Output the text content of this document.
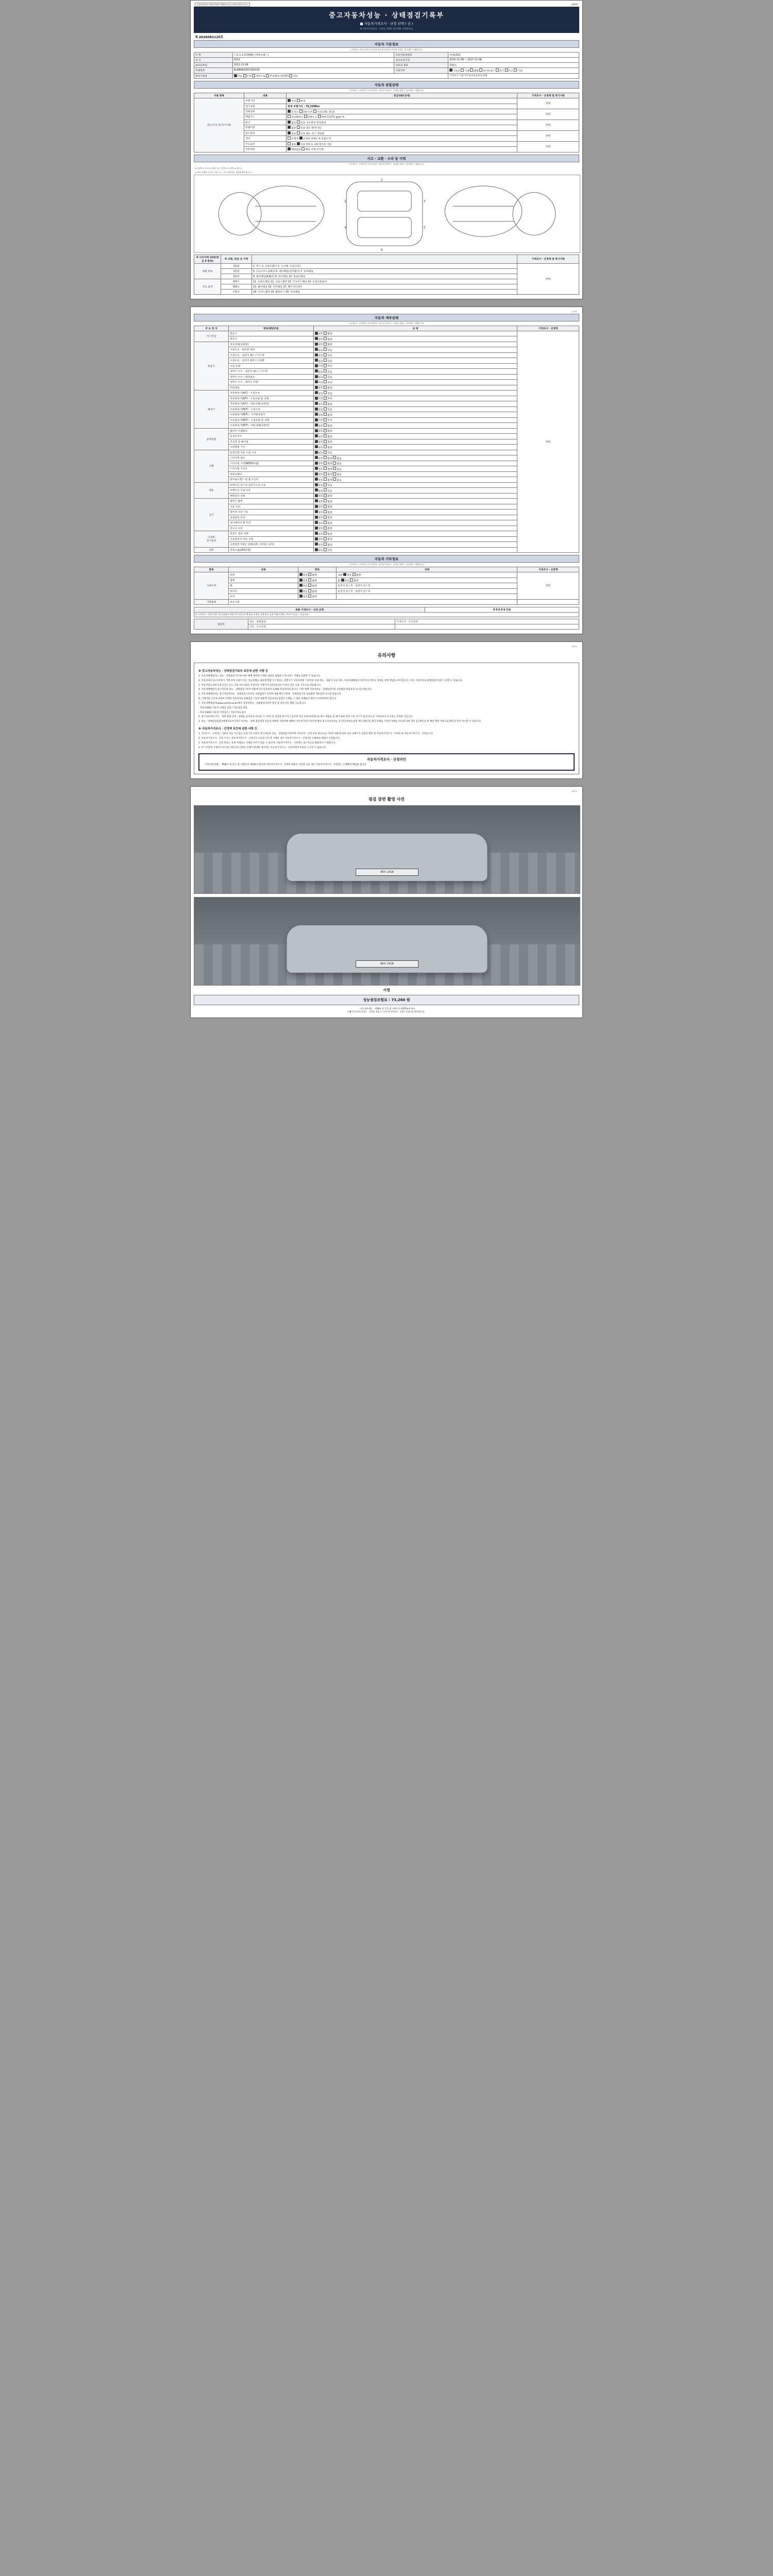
자동차관리법 시행규칙 [별지 제82호서식] <개정 2021.7.5.>	(1/4면)
중고자동차성능 · 상태점검기록부
■ 자동차가격조사 · 산정 선택 ( 선 )
※ 자동차가격조사 · 산정을 선택한 경우에만 기재합니다.
제 2026082120호
자동차 기본정보
(가격조사 기준가격은 등식단위 자동차가격조사·산정을 원하는 경우에만 기재합니다)
차 명	스파크 1.0 DOHC (세부모델 : )	자동차등록번호	터에2310
연 식	2012	검사유효기간	2025-11-08 ~ 2027-11-08
최초등록일	2011-11-09	연료의 종류	휘발유
차대번호	KLANA610CCS03105	사용연료	가솔린 디젤 LPG 하이브리드 전기 수소 기타
변속기종류	자동 수동 세미오토 무단변속기(CVT) 기타		가격조사 기준가격 0 0 0 0 0 0 만원
자동차 종합상태
(가격조사 · 산정액 및 특기사항은 자동차가격조사 · 산정을 원하는 경우에만 기재합니다)
사용 항목	내용	점검내용(상세)	가격조사 · 산정액 및 특기사항
연도/사고 및 특기사항	주행거리	정상 변경	만원
	계기상태	현재 주행거리 : 70,150Km	
	자체상태	무사고 단순수리 사고(교환, 판금)	만원
	배출가스	일산화탄소 탄화수소 매연 0.07% ppm %	
	튜닝	없음 있음 구조변경 장치변경	만원
	특별이력	없음 있음 침수 화재 전손	
	용도변경	없음 있음 렌트 리스 영업용	만원
	색상	무채색 유채색 전체도색 부분도색	
	주요옵션	없음 있음 썬루프 내비게이션 기타	만원
	리콜대상	해당없음 해당 이행 미이행	
사고 · 교환 · 수리 등 이력
(가격조사 · 산정액 및 특기사항은 자동차가격조사 · 산정을 원하는 경우에만 기재합니다)
※ (광제 X 표시) ※ (판금 또는 용접) ※ (교환) ※ (판금)
※ 하단 상태에 등록차 기준으로, 기타 차량정보 상태에 확인해 볼 수
1
6
2	3
4	5
※ 사고이력 (외판/판금 4 항목)	※ 교환, 판금 등 이력		가격조사 · 산정액 및 특기사항
외판 부위	1항판	1. 후드 2. 프론트휀더 3. 도어 4. 트렁크리드	만원
	2항판	5. (오)사이드실패널 6. 쿼터패널(리어휀더) 7. 루프패널	
	3항판	8. 필러패널(A,B,C) 9. 대시패널 10. 플로어패널	
주요 골격	A랭크	11. 프론트패널 12. 크로스멤버 13. 인사이드패널 14. 트렁크플로어	
	B랭크	15. 필러패널 16. 리어패널 17. 패키지트레이	
	C랭크	18. 사이드멤버 19. 휠하우스 20. 루프패널	
(2/4면)
자동차 세부상태
(가격조사 · 산정액 및 특기사항은 자동차가격조사 · 산정을 원하는 경우에만 기재합니다)
주 요 장 치	항목/해당부품	상 태	가격조사 · 산정액
자기진단	원동기	양호 불량	만원
	변속기	양호 불량	
원동기	작동상태(공회전)	양호 불량	
	오일누유 - 로커암 커버	없음 있음	
	오일누유 - 실린더 헤드 / 가스켓	없음 있음	
	오일누유 - 실린더 블록 / 오일팬	없음 있음	
	오일 유량	적정 부족	
	냉각수 누수 - 실린더 헤드 / 가스켓	없음 있음	
	냉각수 누수 - 워터펌프	없음 있음	
	냉각수 누수 - 냉각수 수량	적정 부족	
	커먼레일	양호 불량	
변속기	자동변속기(A/T) - 오일누유	없음 있음	
	자동변속기(A/T) - 오일유량 및 상태	적정 부족	
	자동변속기(A/T) - 작동상태(공회전)	양호 불량	
	수동변속기(M/T) - 오일누유	없음 있음	
	수동변속기(M/T) - 기어변속장치	양호 불량	
	수동변속기(M/T) - 오일유량 및 상태	적정 부족	
	수동변속기(M/T) - 작동상태(공회전)	양호 불량	
동력전달	클러치 어셈블리	양호 불량	
	등속조인트	양호 불량	
	추진축 및 베어링	양호 불량	
	디퍼렌셜 기어	양호 불량	
조향	동력조향 작동 오일 누유	없음 있음	
	스티어링 펌프	양호 불량 없음	
	스티어링 기어(MDPS포함)	양호 불량 없음	
	스티어링 조인트	양호 불량 없음	
	파워크랭크	양호 불량 없음	
	타이로드엔드 및 볼 조인트	양호 불량 없음	
제동	브레이크 마스터 실린더오일 누유	없음 있음	
	브레이크 오일 누유	없음 있음	
	배력장치 상태	양호 불량	
전기	발전기 출력	양호 불량	
	시동 모터	양호 불량	
	와이퍼 모터 기능	양호 불량	
	실내송풍 모터	양호 불량	
	라디에이터 팬 모터	양호 불량	
	윈도우 모터	양호 불량	
고전원
전기장치	충전구 절연 상태	양호 불량	
	구동축전지 격리 상태	양호 불량	
	고전원전기배선 상태(피복, 커넥터, 단자)	양호 불량	
연료	연료누출(LPG포함)	없음 있음	
자동차 기타정보
(가격조사 · 산정액 및 특기사항은 자동차가격조사 · 산정을 원하는 경우에만 기재합니다)
항목	상태	항목	상태	가격조사 · 산정액
사내구성	외장	양호 불량	내장 양호 불량	만원
	광택	양호 불량	휠 양호 불량	
	휠	양호 불량	운전석 앞 / 뒤 · 동반석 앞 / 뒤	
	타이어	양호 불량	운전석 앞 / 뒤 · 동반석 앞 / 뒤	
	유리	양호 불량		
기본품목	보유사항			
최종 가격조사 · 산정 금액	0 0 0 0 0 만원
※ 가격조사 · 산정가격은 성능/상태의 차량가격 산정기준에 따라 산정된 금액이며, 실제 거래가격과는 차이가 있을 수 있습니다.
점검자	성능 · 상태점검	가격조사 · 조사산정
	가격 · 조사산정	
(3/4면)
유의사항
※ 중고자동차성능 · 상태점검기록부 보증에 관한 사항 등

1. 자동차매매업자는 성능 · 상태점검기록부(이하 '매매 계약에 기재한 내용을 검토하기 아니하고 거래로 교환할 수 있습니다.

2. 자동차양수인(소비자)가 거래 과정 신뢰가 있는 성능상태를 내용에 열람기기 있었는 설명기가 자동차상태 기록부의 실제 성능 · 내용가 다른 경우, 자동차매매업자 에서신의 여부규 상태를 설명 책임을 져야 합니다. 다만, 자동차성능상태점검에 의한 구입할 수 있습니다.

3. 자동차성능상태 보증기간은 인도 일로 부터 30일 이상이며, 주행거리 2천킬로미터 이상인 경우 보증 기간으로 적용됩니다.

4. 자동차매매업자 중고자동차 성능 · 상태점검기록부 내용에 인도일로부터 1,000 킬로미터와 합니다. 다만 현행 자동차성능 · 상태점검이의 보증범위 위임효과 교시를 받습니다.

5. 자동차매매업자는 중고자동차성능 · 상태점검기록부의 보증범위가 교차한 내용 확인기준에 · 상태점검기의 보증범위 재보증후 교시를 받습니다.

6. 거래이외 손실에 관하여 아래의 자동차성능상태점검 기록부 내용에 자동차성능점검의 손해를 그 밖의 피해로서 권리가 보증하여야 합니다.

7. 자동차매매업자(www.carinfo.or.kr)에서 자동차성능 · 상태점검기록부 발급 및 검사기록 열람 가능합니다.

· 자동차356) 자동차 상태를 교환 / 자동점검 검토

· 자동차300) 자동차 이력검사 / 자동차성능검사

2. 중고자동차의 주요 · 정비 불량 산정 · 상태를 검사되지 아니한 가 거리도록 검검하거나 여기 검사한 작동 [자동차관련] 또 피도 제외를 및 제가 또한 따라 고유 이기가 없게 되도록 기타되어서 요구하는 결정한 것입니다.

3. 성능 · 상태점검검검자에게자동차가격조사(성능 · 상태 점검결과 자동차 대하여 자동차에 대하여 자동차가격조사/산정 법령 중고자동차성능 등 [자동차성능점검 제도] 확인을 권리 상태로 기록한 상태를 자료에 의한 정보 등] 확인을 한 해당 정한 사항으로 확인을 받지 아니할 수 있습니다.

※ 자동차가격조사 · 산정액 보증에 관한 사항 등

1. 가격조사 · 산정자는 사용의 성능기간 또는 보증기간 어려서 중고자동차 성능 · 상태점검기록부에 기록되지 · 산정 보증 한인으로 기록한 내용에 의하 보증 교체가가 검검자 확인 및 자동차가격조사 · 산정을 한 자동차가격조사 · 산정입니다.

2. 자동차가격조사 · 산정 조사는 자동차가격조사 · 산정자가 사실과 다르게 기재한 경우 자동차가격조사 · 산정자의 손해배상 책임이 인정됩니다.

3. 자동차가격조사 · 산정 결과는 실제 거래되는 시세와 차이가 있을 수 있으며, 자동차가격조사 · 산정액은 참고자료로 활용하시기 바랍니다.

4. 특기사항에 기재되지 아니한 사항으로 인하여 손해가 발생한 경우에는 자동차가격조사 · 산정자에게 보증을 요구할 수 없습니다.

자동차가격조사 · 산정의안
「자동차관리법」 제58조 및 같은 법 시행규칙 제120조에 따라 자동차가격조사 · 산정한 내용이 사실과 다를 경우 자동차가격조사 · 산정자는 손해배상 책임을 집니다.
(4/4면)
점검 장면 촬영 사진
45두 2318
45두 2318
서명
성능점검보험료 : 73,260 원
「자동차관리법」 제58조 및 같은 법 시행규칙 제120조에 따라
[ ▼ ] 중고자동차성능 · 상태를 점검, [ ] 자동차가격조사 · 산정 ) 사업자를 확인합니다.
